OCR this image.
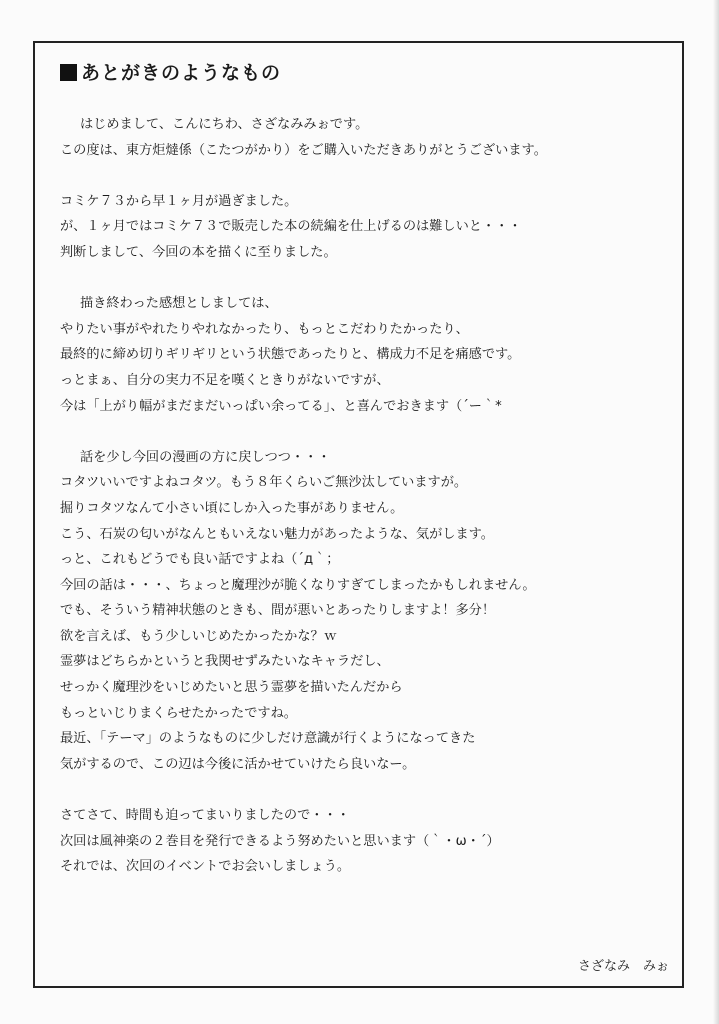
あとがきのようなもの
はじめまして、こんにちわ、さざなみみぉです。
この度は、東方炬燵係（こたつがかり）をご購入いただきありがとうございます。
コミケ７３から早１ヶ月が過ぎました。
が、１ヶ月ではコミケ７３で販売した本の続編を仕上げるのは難しいと・・・
判断しまして、今回の本を描くに至りました。
描き終わった感想としましては、
やりたい事がやれたりやれなかったり、もっとこだわりたかったり、
最終的に締め切りギリギリという状態であったりと、構成力不足を痛感です。
っとまぁ、自分の実力不足を嘆くときりがないですが、
今は「上がり幅がまだまだいっぱい余ってる」、と喜んでおきます（´ー｀*
話を少し今回の漫画の方に戻しつつ・・・
コタツいいですよねコタツ。もう８年くらいご無沙汰していますが。
掘りコタツなんて小さい頃にしか入った事がありません。
こう、石炭の匂いがなんともいえない魅力があったような、気がします。
っと、これもどうでも良い話ですよね（´д｀；
今回の話は・・・、ちょっと魔理沙が脆くなりすぎてしまったかもしれません。
でも、そういう精神状態のときも、間が悪いとあったりしますよ！多分！
欲を言えば、もう少しいじめたかったかな？ｗ
霊夢はどちらかというと我関せずみたいなキャラだし、
せっかく魔理沙をいじめたいと思う霊夢を描いたんだから
もっといじりまくらせたかったですね。
最近、「テーマ」のようなものに少しだけ意識が行くようになってきた
気がするので、この辺は今後に活かせていけたら良いなー。
さてさて、時間も迫ってまいりましたので・・・
次回は風神楽の２巻目を発行できるよう努めたいと思います（｀・ω・´）
それでは、次回のイベントでお会いしましょう。
さざなみ　みぉ
